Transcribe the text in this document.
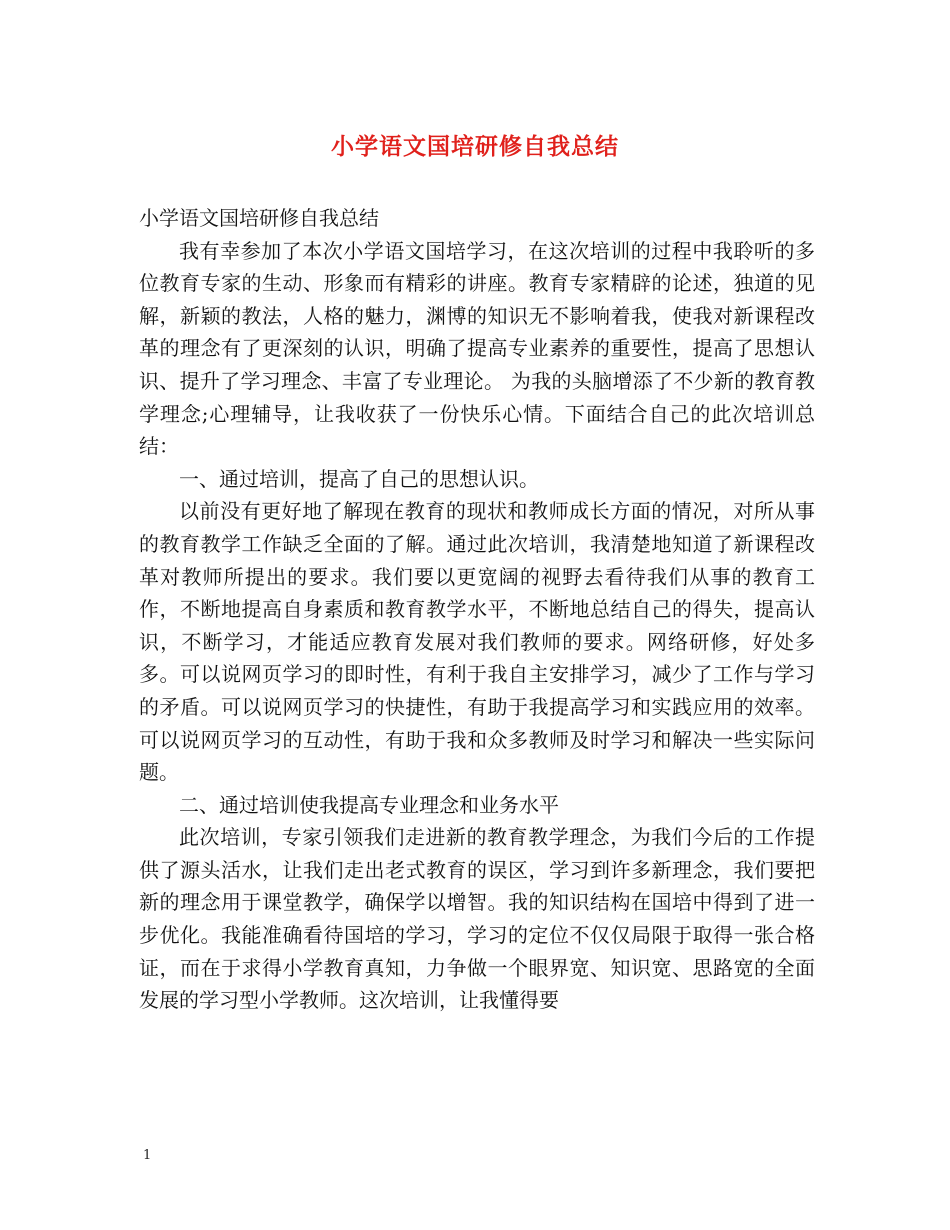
小学语文国培研修自我总结

小学语文国培研修自我总结

我有幸参加了本次小学语文国培学习，在这次培训的过程中我聆听的多位教育专家的生动、形象而有精彩的讲座。教育专家精辟的论述，独道的见解，新颖的教法，人格的魅力，渊博的知识无不影响着我，使我对新课程改革的理念有了更深刻的认识，明确了提高专业素养的重要性，提高了思想认识、提升了学习理念、丰富了专业理论。 为我的头脑增添了不少新的教育教学理念;心理辅导，让我收获了一份快乐心情。下面结合自己的此次培训总结：

一、通过培训，提高了自己的思想认识。

以前没有更好地了解现在教育的现状和教师成长方面的情况，对所从事的教育教学工作缺乏全面的了解。通过此次培训，我清楚地知道了新课程改革对教师所提出的要求。我们要以更宽阔的视野去看待我们从事的教育工作，不断地提高自身素质和教育教学水平，不断地总结自己的得失，提高认识，不断学习，才能适应教育发展对我们教师的要求。网络研修，好处多多。可以说网页学习的即时性，有利于我自主安排学习，减少了工作与学习的矛盾。可以说网页学习的快捷性，有助于我提高学习和实践应用的效率。可以说网页学习的互动性，有助于我和众多教师及时学习和解决一些实际问题。

二、通过培训使我提高专业理念和业务水平

此次培训，专家引领我们走进新的教育教学理念，为我们今后的工作提供了源头活水，让我们走出老式教育的误区，学习到许多新理念，我们要把新的理念用于课堂教学，确保学以增智。我的知识结构在国培中得到了进一步优化。我能准确看待国培的学习，学习的定位不仅仅局限于取得一张合格证，而在于求得小学教育真知，力争做一个眼界宽、知识宽、思路宽的全面发展的学习型小学教师。这次培训，让我懂得要

1
